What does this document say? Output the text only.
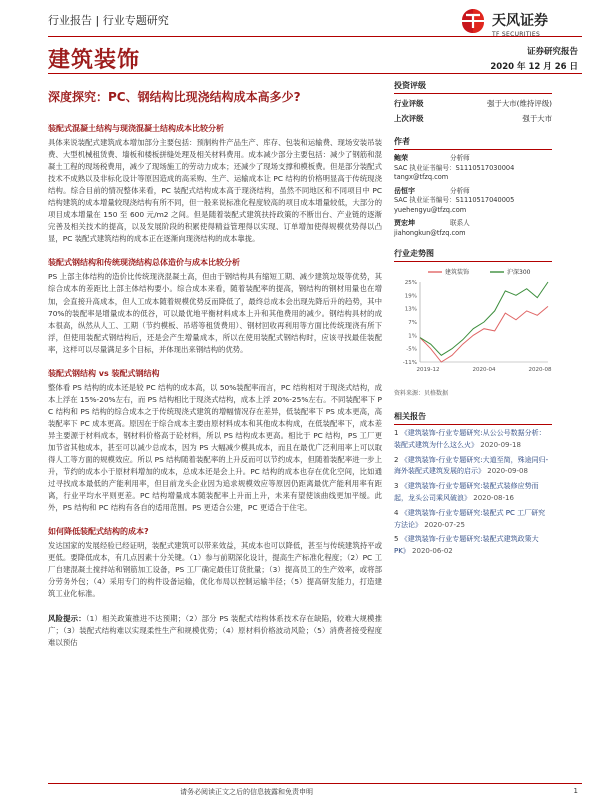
行业报告 | 行业专题研究	天风证券
TF SECURITIES
建筑装饰	证券研究报告
2020 年 12 月 26 日
深度探究：PC、钢结构比现浇结构成本高多少?
装配式混凝土结构与现浇混凝土结构成本比较分析

具体来说装配式建筑成本增加部分主要包括：预制构件产品生产、库存、包装和运输费、现场安装吊装费、大型机械租赁费、墙板和楼板拼缝处理及相关材料费用。成本减少部分主要包括：减少了钢筋和混凝土工程的现场税费用，减少了现场施工的劳动力成本；还减少了现场支撑和模板费。但是部分装配式技术不成熟以及非标化设计等原因造成的高采购、生产、运输成本让 PC 结构的价格明显高于传统现浇结构。综合目前的情况整体来看，PC 装配式结构成本高于现浇结构，虽然不同地区和不同项目中 PC 结构建筑的成本增量较现浇结构有所不同，但一般来说标准化程度较高的项目成本增量较低，大部分的项目成本增量在 150 至 600 元/m2 之间。但是随着装配式建筑扶持政策的不断出台、产业链的逐渐完善及相关技术的提高，以及发展阶段的积累使得精益管理得以实现、订单增加使得规模优势得以凸显，PC 装配式建筑结构的成本正在逐渐向现浇结构的成本靠拢。

装配式钢结构和传统现浇结构总体造价与成本比较分析

PS 上部主体结构的造价比传统现浇混凝土高，但由于钢结构具有缩短工期、减少建筑垃圾等优势，其综合成本的差距比上部主体结构要小。综合成本来看，随着装配率的提高，钢结构的钢材用量也在增加，会直接升高成本，但人工成本随着规模优势反而降低了，最终总成本会出现先降后升的趋势，其中 70%的装配率是增量成本的低谷，可以最优地平衡材料成本上升和其他费用的减少。钢结构具材的成本很高，纵然从人工、工期（节约模板、吊塔等租赁费用）、钢材回收再利用等方面比传统现浇有所下浮，但使用装配式钢结构后，还是会产生增量成本，所以在使用装配式钢结构时，应该寻找最佳装配率，这样可以尽量满足多个目标，并体现出来钢结构的优势。

装配式钢结构 vs 装配式钢结构

整体看 PS 结构的成本还是较 PC 结构的成本高，以 50%装配率而言，PC 结构相对于现浇式结构，成本上浮在 15%-20%左右，而 PS 结构相比于现浇式结构，成本上浮 20%-25%左右。不同装配率下 PC 结构和 PS 结构的综合成本之于传统现浇式建筑的增幅情况存在差异，低装配率下 PS 成本更高，高装配率下 PC 成本更高。原因在于综合成本主要由原材料成本和其他成本构成，在低装配率下，成本差异主要源于材料成本，钢材料价格高于砼材料，所以 PS 结构成本更高。相比于 PC 结构，PS 工厂更加节省其他成本，甚至可以减少总成本，因为 PS 大幅减少模具成本，而且在最优广泛利用率上可以取得人工等方面的规模效应。所以 PS 结构随着装配率的上升反而可以节约成本，但随着装配率进一步上升，节约的成本小于原材料增加的成本，总成本还是会上升。PC 结构的成本也存在优化空间，比如通过寻找成本最低的产能利用率，但目前龙头企业因为追求规模效应等原因仍距离最优产能利用率有距离，行业平均水平则更差。PC 结构增量成本随装配率上升而上升，未来有望使该曲线更加平缓。此外，PS 结构和 PC 结构有各自的适用范围。PS 更适合公建，PC 更适合于住宅。

如何降低装配式结构的成本?

发达国家的发展经验已经证明，装配式建筑可以带来效益，其成本也可以降低，甚至与传统建筑持平或更低。要降低成本，有几点因素十分关键。（1）参与前期深化设计，提高生产标准化程度；（2）PC 工厂自建混凝土搅拌站和钢筋加工设备，PS 工厂确定最佳订货批量；（3）提高员工的生产效率，或将部分劳务外包；（4）采用专门的构件设备运输，优化布局以控制运输半径；（5）提高研发能力，打造建筑工业化标准。

风险提示：（1）相关政策推进不达预期；（2）部分 PS 装配式结构体系技术存在缺陷，较难大规模推广；（3）装配式结构难以实现柔性生产和规模优势；（4）原材料价格波动风险；（5）消费者接受程度难以预估

投资评级
行业评级	强于大市(维持评级)
上次评级	强于大市
作者
鲍荣	分析师
SAC 执业证书编号：S1110517030004
tangx@tfzq.com
岳恒宇	分析师
SAC 执业证书编号：S1110517040005
yuehengyu@tfzq.com
贾宏坤	联系人
jiahongkun@tfzq.com
行业走势图
25%
19%
13%
7%
1%
-5%
-11%
2019-12	2020-04	2020-08
建筑装饰	沪深300
资料来源：贝格数据
相关报告
1 《建筑装饰-行业专题研究:从公公号数据分析：装配式建筑为什么这么火》 2020-09-18
2 《建筑装饰-行业专题研究:大道至简，殊途同归-海外装配式建筑发展的启示》 2020-09-08
3 《建筑装饰-行业专题研究:装配式装修应势而起，龙头公司乘风破浪》 2020-08-16
4 《建筑装饰-行业专题研究:装配式 PC 工厂研究方法论》 2020-07-25
5 《建筑装饰-行业专题研究:装配式建筑政策大 PK》 2020-06-02
请务必阅读正文之后的信息披露和免责申明	1
